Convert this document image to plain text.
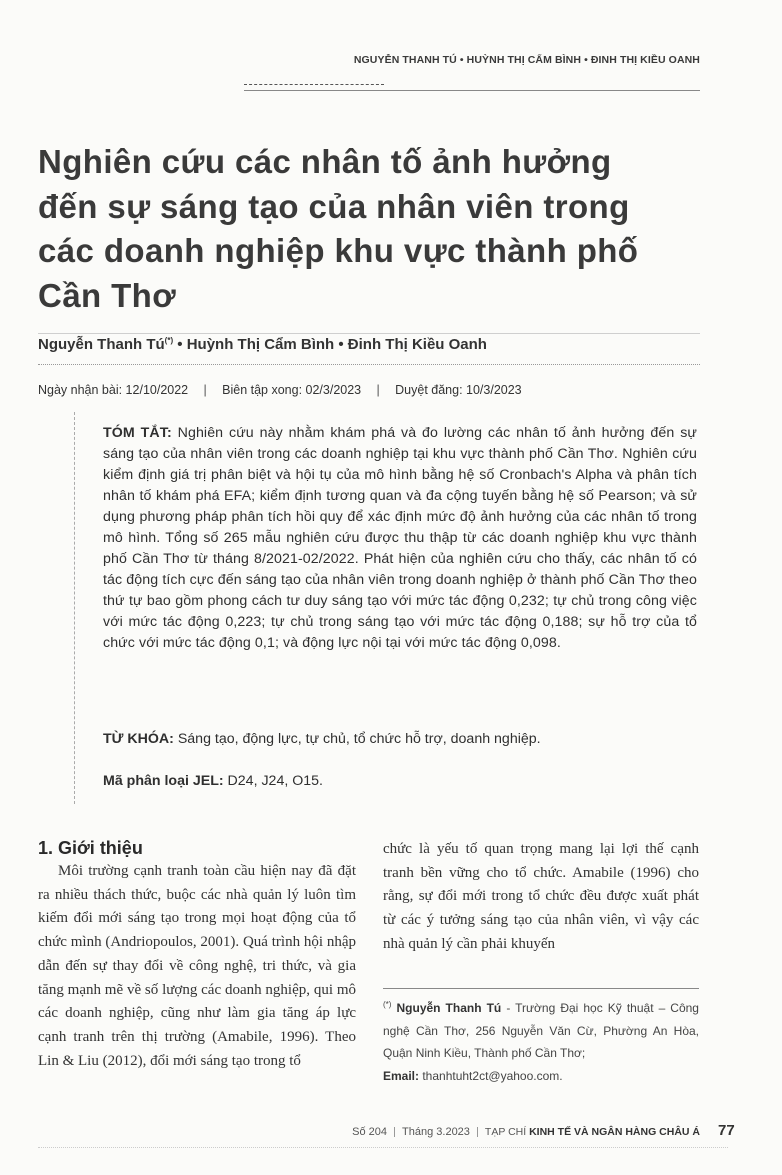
NGUYỄN THANH TÚ • HUỲNH THỊ CẨM BÌNH • ĐINH THỊ KIỀU OANH
Nghiên cứu các nhân tố ảnh hưởng
đến sự sáng tạo của nhân viên trong
các doanh nghiệp khu vực thành phố
Cần Thơ
Nguyễn Thanh Tú(*) • Huỳnh Thị Cẩm Bình • Đinh Thị Kiều Oanh
Ngày nhận bài: 12/10/2022 | Biên tập xong: 02/3/2023 | Duyệt đăng: 10/3/2023
TÓM TẮT: Nghiên cứu này nhằm khám phá và đo lường các nhân tố ảnh hưởng đến sự sáng tạo của nhân viên trong các doanh nghiệp tại khu vực thành phố Cần Thơ. Nghiên cứu kiểm định giá trị phân biệt và hội tụ của mô hình bằng hệ số Cronbach's Alpha và phân tích nhân tố khám phá EFA; kiểm định tương quan và đa cộng tuyến bằng hệ số Pearson; và sử dụng phương pháp phân tích hồi quy để xác định mức độ ảnh hưởng của các nhân tố trong mô hình. Tổng số 265 mẫu nghiên cứu được thu thập từ các doanh nghiệp khu vực thành phố Cần Thơ từ tháng 8/2021-02/2022. Phát hiện của nghiên cứu cho thấy, các nhân tố có tác động tích cực đến sáng tạo của nhân viên trong doanh nghiệp ở thành phố Cần Thơ theo thứ tự bao gồm phong cách tư duy sáng tạo với mức tác động 0,232; tự chủ trong công việc với mức tác động 0,223; tự chủ trong sáng tạo với mức tác động 0,188; sự hỗ trợ của tổ chức với mức tác động 0,1; và động lực nội tại với mức tác động 0,098.
TỪ KHÓA: Sáng tạo, động lực, tự chủ, tổ chức hỗ trợ, doanh nghiệp.
Mã phân loại JEL: D24, J24, O15.
1. Giới thiệu
Môi trường cạnh tranh toàn cầu hiện nay đã đặt ra nhiều thách thức, buộc các nhà quản lý luôn tìm kiếm đổi mới sáng tạo trong mọi hoạt động của tổ chức mình (Andriopoulos, 2001). Quá trình hội nhập dẫn đến sự thay đổi về công nghệ, tri thức, và gia tăng mạnh mẽ về số lượng các doanh nghiệp, qui mô các doanh nghiệp, cũng như làm gia tăng áp lực cạnh tranh trên thị trường (Amabile, 1996). Theo Lin & Liu (2012), đổi mới sáng tạo trong tổ
chức là yếu tố quan trọng mang lại lợi thế cạnh tranh bền vững cho tổ chức. Amabile (1996) cho rằng, sự đổi mới trong tổ chức đều được xuất phát từ các ý tưởng sáng tạo của nhân viên, vì vậy các nhà quản lý cần phải khuyến
(*) Nguyễn Thanh Tú - Trường Đại học Kỹ thuật – Công nghệ Cần Thơ, 256 Nguyễn Văn Cừ, Phường An Hòa, Quận Ninh Kiều, Thành phố Cần Thơ;
Email: thanhtuht2ct@yahoo.com.
Số 204 Tháng 3.2023 TẠP CHÍ KINH TẾ VÀ NGÂN HÀNG CHÂU Á 77
